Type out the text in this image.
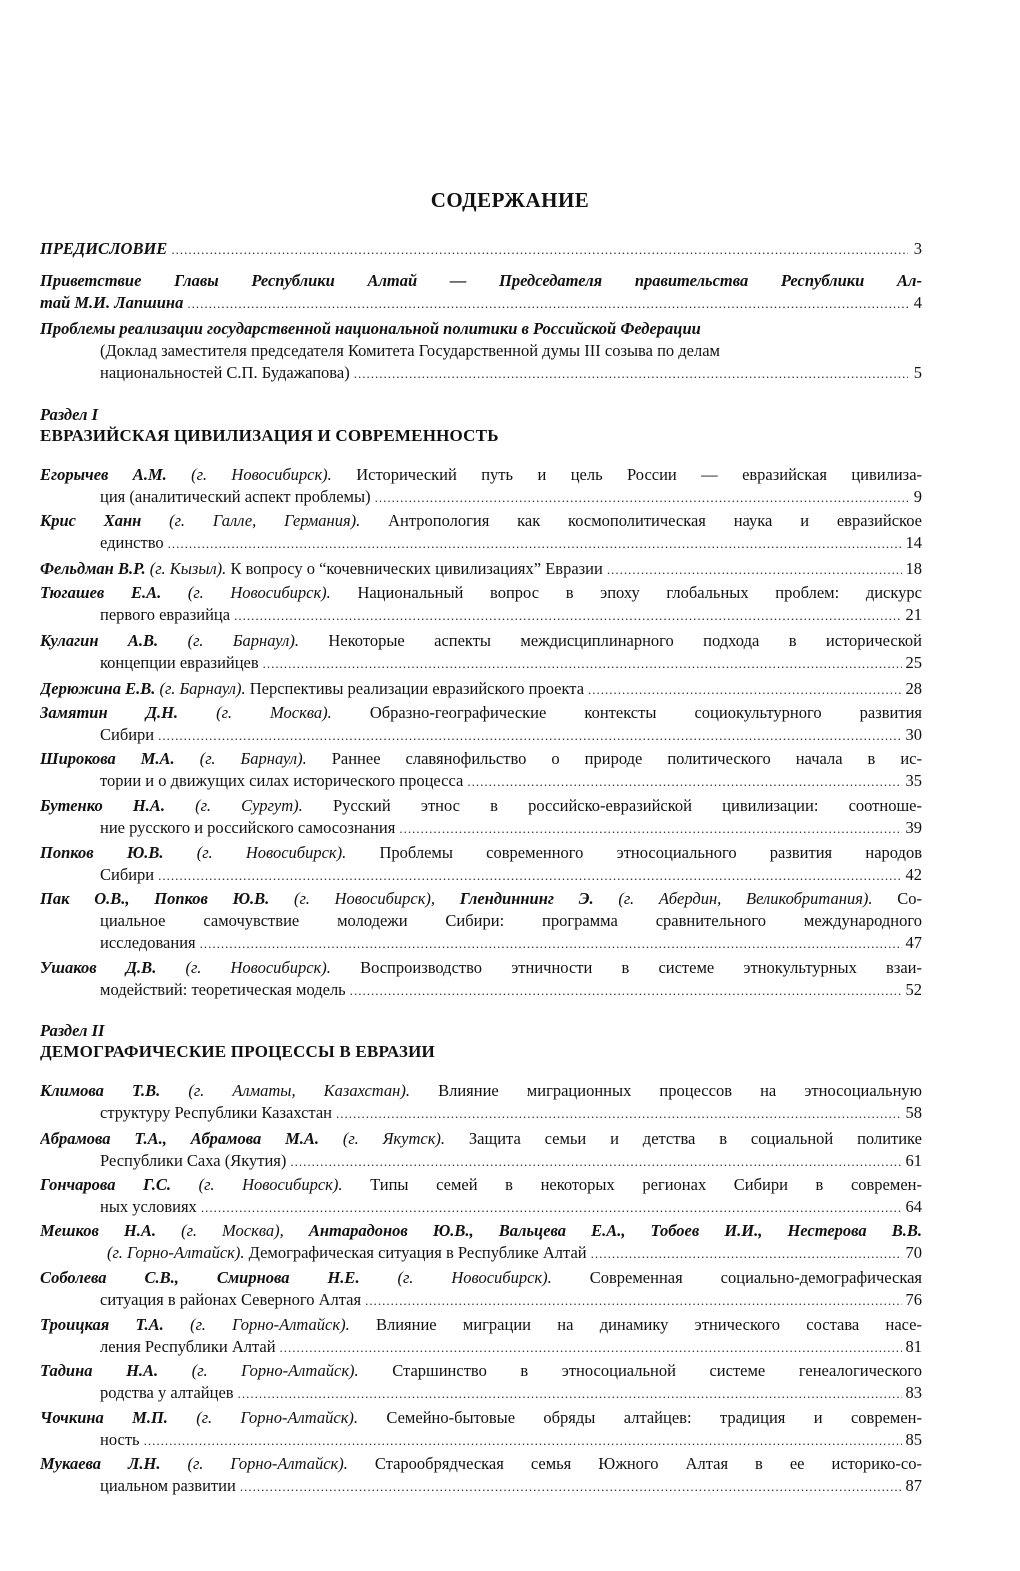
СОДЕРЖАНИЕ
ПРЕДИСЛОВИЕ .....	3
Приветствие Главы Республики Алтай — Председателя правительства Республики Ал-
тай М.И. Лапшина .....	4
Проблемы реализации государственной национальной политики в Российской Федерации
(Доклад заместителя председателя Комитета Государственной думы III созыва по делам
национальностей С.П. Будажапова) .....	5

Раздел I

ЕВРАЗИЙСКАЯ ЦИВИЛИЗАЦИЯ И СОВРЕМЕННОСТЬ

Егорычев А.М. (г. Новосибирск). Исторический путь и цель России — евразийская цивилиза-
ция (аналитический аспект проблемы) .....	9
Крис Ханн (г. Галле, Германия). Антропология как космополитическая наука и евразийское
единство .....	14
Фельдман В.Р. (г. Кызыл). К вопросу о “кочевнических цивилизациях” Евразии .....	18
Тюгашев Е.А. (г. Новосибирск). Национальный вопрос в эпоху глобальных проблем: дискурс
первого евразийца .....	21
Кулагин А.В. (г. Барнаул). Некоторые аспекты междисциплинарного подхода в исторической
концепции евразийцев .....	25
Дерюжина Е.В. (г. Барнаул). Перспективы реализации евразийского проекта .....	28
Замятин Д.Н. (г. Москва). Образно-географические контексты социокультурного развития
Сибири .....	30
Широкова М.А. (г. Барнаул). Раннее славянофильство о природе политического начала в ис-
тории и о движущих силах исторического процесса .....	35
Бутенко Н.А. (г. Сургут). Русский этнос в российско-евразийской цивилизации: соотноше-
ние русского и российского самосознания .....	39
Попков Ю.В. (г. Новосибирск). Проблемы современного этносоциального развития народов
Сибири .....	42
Пак О.В., Попков Ю.В. (г. Новосибирск), Глендиннинг Э. (г. Абердин, Великобритания). Со-
циальное самочувствие молодежи Сибири: программа сравнительного международного
исследования .....	47
Ушаков Д.В. (г. Новосибирск). Воспроизводство этничности в системе этнокультурных взаи-
модействий: теоретическая модель .....	52

Раздел II

ДЕМОГРАФИЧЕСКИЕ ПРОЦЕССЫ В ЕВРАЗИИ

Климова Т.В. (г. Алматы, Казахстан). Влияние миграционных процессов на этносоциальную
структуру Республики Казахстан .....	58
Абрамова Т.А., Абрамова М.А. (г. Якутск). Защита семьи и детства в социальной политике
Республики Саха (Якутия) .....	61
Гончарова Г.С. (г. Новосибирск). Типы семей в некоторых регионах Сибири в современ-
ных условиях .....	64
Мешков Н.А. (г. Москва), Антарадонов Ю.В., Вальцева Е.А., Тобоев И.И., Нестерова В.В.
(г. Горно-Алтайск). Демографическая ситуация в Республике Алтай .....	70
Соболева С.В., Смирнова Н.Е. (г. Новосибирск). Современная социально-демографическая
ситуация в районах Северного Алтая .....	76
Троицкая Т.А. (г. Горно-Алтайск). Влияние миграции на динамику этнического состава насе-
ления Республики Алтай .....	81
Тадина Н.А. (г. Горно-Алтайск). Старшинство в этносоциальной системе генеалогического
родства у алтайцев .....	83
Чочкина М.П. (г. Горно-Алтайск). Семейно-бытовые обряды алтайцев: традиция и современ-
ность .....	85
Мукаева Л.Н. (г. Горно-Алтайск). Старообрядческая семья Южного Алтая в ее историко-со-
циальном развитии .....	87
